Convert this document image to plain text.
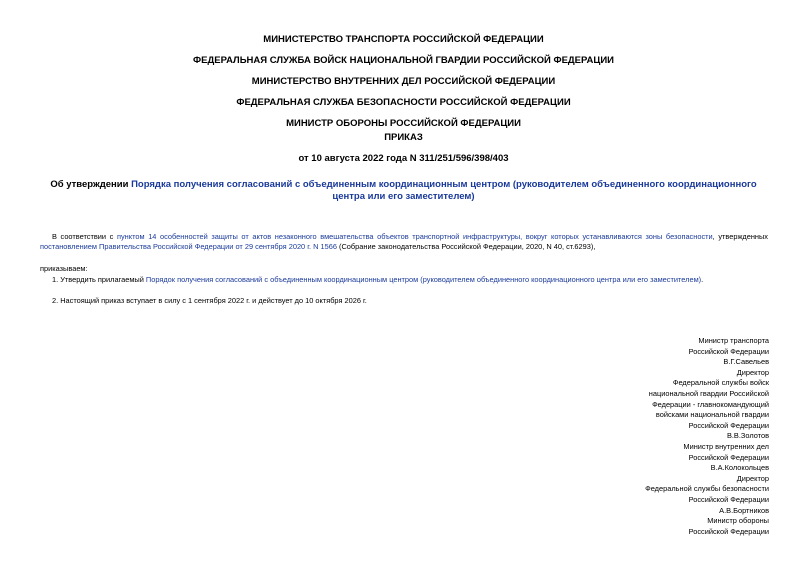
МИНИСТЕРСТВО ТРАНСПОРТА РОССИЙСКОЙ ФЕДЕРАЦИИ
ФЕДЕРАЛЬНАЯ СЛУЖБА ВОЙСК НАЦИОНАЛЬНОЙ ГВАРДИИ РОССИЙСКОЙ ФЕДЕРАЦИИ
МИНИСТЕРСТВО ВНУТРЕННИХ ДЕЛ РОССИЙСКОЙ ФЕДЕРАЦИИ
ФЕДЕРАЛЬНАЯ СЛУЖБА БЕЗОПАСНОСТИ РОССИЙСКОЙ ФЕДЕРАЦИИ
МИНИСТР ОБОРОНЫ РОССИЙСКОЙ ФЕДЕРАЦИИ
ПРИКАЗ
от 10 августа 2022 года N 311/251/596/398/403
Об утверждении Порядка получения согласований с объединенным координационным центром (руководителем объединенного координационного центра или его заместителем)
В соответствии с пунктом 14 особенностей защиты от актов незаконного вмешательства объектов транспортной инфраструктуры, вокруг которых устанавливаются зоны безопасности, утвержденных постановлением Правительства Российской Федерации от 29 сентября 2020 г. N 1566 (Собрание законодательства Российской Федерации, 2020, N 40, ст.6293),
приказываем:
1. Утвердить прилагаемый Порядок получения согласований с объединенным координационным центром (руководителем объединенного координационного центра или его заместителем).
2. Настоящий приказ вступает в силу с 1 сентября 2022 г. и действует до 10 октября 2026 г.
Министр транспорта
Российской Федерации
В.Г.Савельев
Директор
Федеральной службы войск
национальной гвардии Российской
Федерации - главнокомандующий
войсками национальной гвардии
Российской Федерации
В.В.Золотов
Министр внутренних дел
Российской Федерации
В.А.Колокольцев
Директор
Федеральной службы безопасности
Российской Федерации
А.В.Бортников
Министр обороны
Российской Федерации
